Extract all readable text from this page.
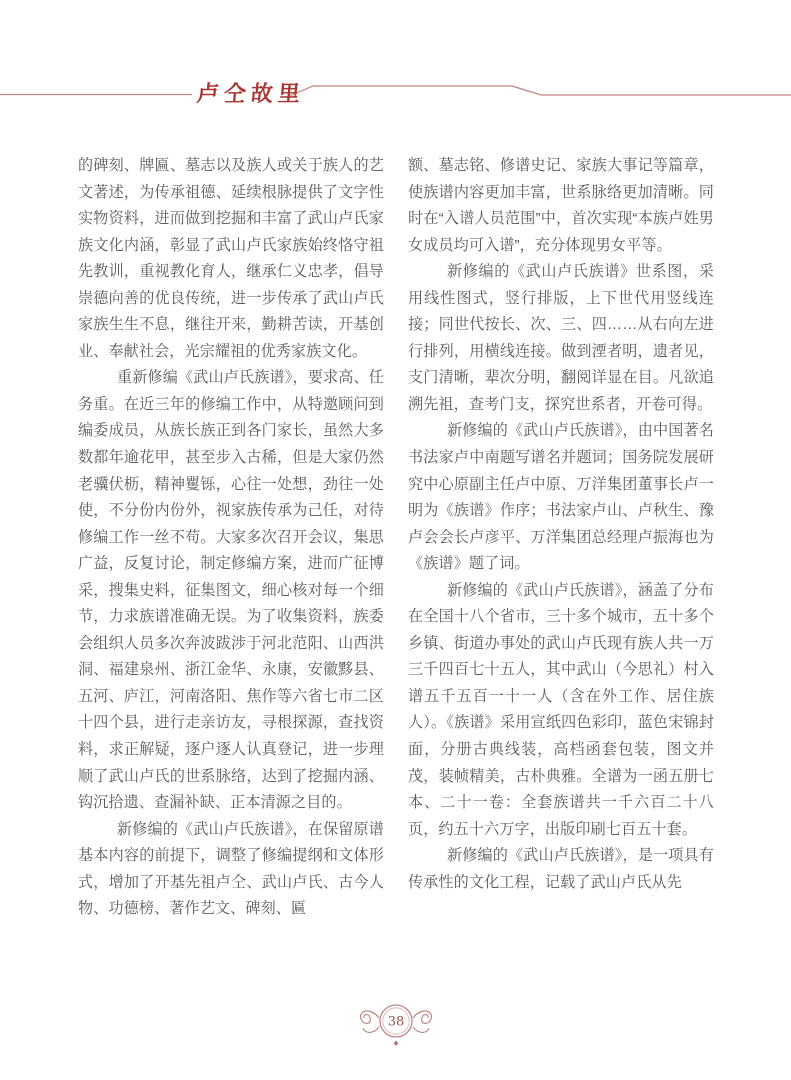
卢仝故里

的碑刻、牌匾、墓志以及族人或关于族人的艺文著述，为传承祖德、延续根脉提供了文字性实物资料，进而做到挖掘和丰富了武山卢氏家族文化内涵，彰显了武山卢氏家族始终恪守祖先教训，重视教化育人，继承仁义忠孝，倡导崇德向善的优良传统，进一步传承了武山卢氏家族生生不息，继往开来，勤耕苦读，开基创业、奉献社会，光宗耀祖的优秀家族文化。

重新修编《武山卢氏族谱》，要求高、任务重。在近三年的修编工作中，从特邀顾问到编委成员，从族长族正到各门家长，虽然大多数都年逾花甲，甚至步入古稀，但是大家仍然老骥伏枥，精神矍铄，心往一处想，劲往一处使，不分份内份外，视家族传承为己任，对待修编工作一丝不苟。大家多次召开会议，集思广益，反复讨论，制定修编方案，进而广征博采，搜集史料，征集图文，细心核对每一个细节，力求族谱准确无误。为了收集资料，族委会组织人员多次奔波跋涉于河北范阳、山西洪洞、福建泉州、浙江金华、永康，安徽黟县、五河、庐江，河南洛阳、焦作等六省七市二区十四个县，进行走亲访友，寻根探源，查找资料，求正解疑，逐户逐人认真登记，进一步理顺了武山卢氏的世系脉络，达到了挖掘内涵、钩沉拾遗、查漏补缺、正本清源之目的。

新修编的《武山卢氏族谱》，在保留原谱基本内容的前提下，调整了修编提纲和文体形式，增加了开基先祖卢仝、武山卢氏、古今人物、功德榜、著作艺文、碑刻、匾

额、墓志铭、修谱史记、家族大事记等篇章，使族谱内容更加丰富，世系脉络更加清晰。同时在“入谱人员范围”中，首次实现“本族卢姓男女成员均可入谱”，充分体现男女平等。

新修编的《武山卢氏族谱》世系图，采用线性图式，竖行排版，上下世代用竖线连接；同世代按长、次、三、四……从右向左进行排列，用横线连接。做到湮者明，遗者见，支门清晰，辈次分明，翻阅详显在目。凡欲追溯先祖，查考门支，探究世系者，开卷可得。

新修编的《武山卢氏族谱》，由中国著名书法家卢中南题写谱名并题词；国务院发展研究中心原副主任卢中原、万洋集团董事长卢一明为《族谱》作序；书法家卢山、卢秋生、豫卢会会长卢彦平、万洋集团总经理卢振海也为《族谱》题了词。

新修编的《武山卢氏族谱》，涵盖了分布在全国十八个省市，三十多个城市，五十多个乡镇、街道办事处的武山卢氏现有族人共一万三千四百七十五人，其中武山（今思礼）村入谱五千五百一十一人（含在外工作、居住族人）。《族谱》采用宣纸四色彩印，蓝色宋锦封面，分册古典线装，高档函套包装，图文并茂，装帧精美，古朴典雅。全谱为一函五册七本、二十一卷：全套族谱共一千六百二十八页，约五十六万字，出版印刷七百五十套。

新修编的《武山卢氏族谱》，是一项具有传承性的文化工程，记载了武山卢氏从先

38
